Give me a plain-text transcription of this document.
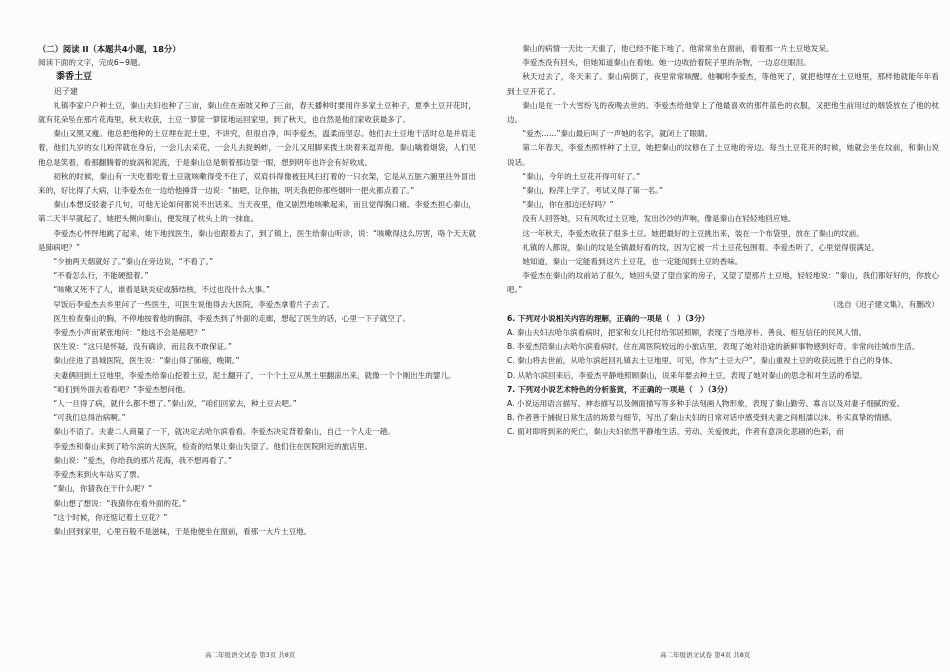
（二）阅读 II（本题共4小题，18分）

阅读下面的文字，完成6~9题。

黍香土豆

迟子建

礼镇李家户户种土豆，秦山夫妇也种了三亩，秦山住在南坡又种了三亩，春天播种时要用许多家土豆种子，夏季土豆开花时，就有花朵坠在那片花海里，秋天收获，土豆一箩筐一箩筐地运回家里，到了秋天，也自然是他们家收获最多了。

秦山又黑又瘦。他总把他种的土豆埋在泥土里，不讲究，但很自净，叫李爱杰，温柔而坚忍。他们去土豆地干活时总是并肩走着，他们九岁的女儿粉萍就在身后，一会儿去采花，一会儿去捉蚂蚱，一会儿又用脚来拨土块着来逗弄他。秦山噙着烟袋，人们见他总是笑着，看那翻腾着的旋涡和泥流，于是秦山总是朝着那边望一眼，想到明年也许会有好收成。

初秋的时候，秦山有一天吃着吃着土豆就咳嗽得受不住了，双肩抖得像被狂风扫打着的一只衣架，它是从五脏六腑里往外冒出来的，好比得了大病，让李爱杰在一边给他捶背一边说：“抽吧，让你抽，明天我把你那些烟叶一把火都点着了。”

秦山本想反驳妻子几句，可他无论如何都说不出话来。当天夜里，他又剧烈地咳嗽起来，而且觉得胸口痛。李爱杰担心秦山，第二天半早就起了，她把头侧向秦山，便发现了枕头上的一抹血。

李爱杰心怦怦地跳了起来，她下地找医生，秦山也跟着去了，到了镇上，医生给秦山听诊，说：“咳嗽得这么厉害，咯个天天就是肺病吧？”

“少抽两天烟就好了。”秦山在旁边说，“不看了。”

“不看怎么行，不能硬挺着。”

“咳嗽又死不了人，谁看是缺炎症或肺结核，不过也没什么大事。”

早饭后李爱杰去乡里问了一些医生，可医生说他得去大医院，李爱杰拿着片子去了。

医生检查秦山的胸，不停地按着他的胸部，李爱杰到了外面的走廊，想起了医生的话，心里一下子就空了。

李爱杰小声而紧张地问：“他这不会是癌吧？”

医生说：“这只是怀疑，没有确诊，而且我不敢保证。”

秦山住进了县城医院，医生说：“秦山得了肺癌，晚期。”

夫妻俩回到土豆地里，李爱杰给秦山挖着土豆，泥土翻开了，一个个土豆从黑土里翻滚出来，就像一个个刚出生的婴儿。

“咱们到外面去看看吧？”李爱杰想问他。

“人一旦得了病，就什么都不想了。”秦山说，“咱们回家去，种土豆去吧。”

“可我们总得治病啊。”

秦山不语了。夫妻二人商量了一下，就决定去哈尔滨看看。李爱杰决定背着秦山，自己一个人走一趟。

李爱杰和秦山来到了哈尔滨的大医院，检查的结果让秦山失望了。他们住在医院附近的旅店里。

秦山说：“爱杰，你给我的那片花海，我不想再看了。”

李爱杰来到火车站买了票。

“秦山，你猜我在干什么呢？”

秦山想了想说：“我猜你在看外面的花。”

“这个时候，你还惦记着土豆花？”

秦山回到家里，心里百般不是滋味，于是他便坐在窗前，看那一大片土豆地。

秦山的病情一天比一天重了，他已经不能下地了。他常常坐在窗前，看着那一片土豆地发呆。

李爱杰没有回头，但她知道秦山在看她。她一边收拾着院子里的杂物，一边忍住眼泪。

秋天过去了，冬天来了。秦山病倒了，夜里常常咳醒。他嘱咐李爱杰，等他死了，就把他埋在土豆地里，那样他就能年年看到土豆开花了。

秦山是在一个大雪纷飞的夜晚去世的。李爱杰给他穿上了他最喜欢的那件蓝色的衣服，又把他生前用过的烟袋放在了他的枕边。

“爱杰……”秦山最后叫了一声她的名字，就闭上了眼睛。

第二年春天，李爱杰照样种了土豆，她把秦山的坟修在了土豆地的旁边。每当土豆花开的时候，她就会坐在坟前，和秦山说说话。

“秦山，今年的土豆花开得可好了。”

“秦山，粉萍上学了，考试又得了第一名。”

“秦山，你在那边还好吗？”

没有人回答她，只有风吹过土豆地，发出沙沙的声响，像是秦山在轻轻地回应她。

这一年秋天，李爱杰收获了很多土豆。她把最好的土豆挑出来，装在一个布袋里，放在了秦山的坟前。

礼镇的人都说，秦山的坟是全镇最好看的坟，因为它被一片土豆花包围着。李爱杰听了，心里觉得很满足。

她知道，秦山一定能看到这片土豆花，也一定能闻到土豆的香味。

李爱杰在秦山的坟前站了很久，她回头望了望自家的房子，又望了望那片土豆地，轻轻地说：“秦山，我们都好好的，你放心吧。”

（选自《迟子建文集》，有删改）

6. 下列对小说相关内容的理解，正确的一项是（　）（3分）

A. 秦山夫妇去哈尔滨看病时，把家和女儿托付给邻居照顾，表现了当地淳朴、善良、相互信任的民风人情。

B. 李爱杰陪秦山去哈尔滨看病时，住在离医院较远的小旅店里，表现了她对沿途的新鲜事物感到好奇，非常向往城市生活。

C. 秦山将去世前，从哈尔滨赶回礼镇去土豆地里，可见，作为“土豆大户”，秦山重视土豆的收获远胜于自己的身体。

D. 从哈尔滨回来后，李爱杰平静地照顾秦山，说来年要去种土豆，表现了她对秦山的思念和对生活的希望。

7. 下列对小说艺术特色的分析鉴赏，不正确的一项是（　）（3分）

A. 小说运用语言描写、神态描写以及侧面描写等多种手法刻画人物形象，表现了秦山勤劳、寡言以及对妻子细腻的爱。

B. 作者善于捕捉日常生活的场景与细节，写出了秦山夫妇的日常对话中感受到夫妻之间相濡以沫、朴实真挚的情感。

C. 面对即将到来的死亡，秦山夫妇依然平静地生活、劳动、关爱彼此，作者有意淡化悲剧的色彩，而

高二年级语文试卷 第3页 共8页	高二年级语文试卷 第4页 共8页
